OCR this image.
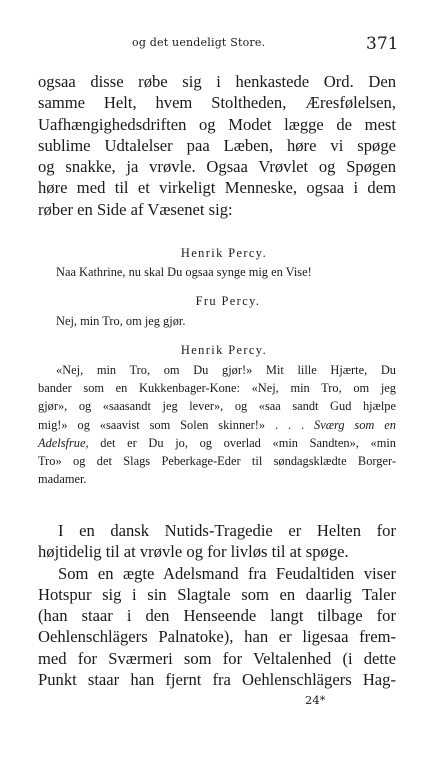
og det uendeligt Store.	371
ogsaa disse røbe sig i henkastede Ord. Den
samme Helt, hvem Stoltheden, Æresfølelsen,
Uafhængighedsdriften og Modet lægge de mest
sublime Udtalelser paa Læben, høre vi spøge
og snakke, ja vrøvle. Ogsaa Vrøvlet og Spøgen
høre med til et virkeligt Menneske, ogsaa i dem
røber en Side af Væsenet sig:
Henrik Percy.
Naa Kathrine, nu skal Du ogsaa synge mig en Vise!
Fru Percy.
Nej, min Tro, om jeg gjør.
Henrik Percy.
«Nej, min Tro, om Du gjør!» Mit lille Hjærte, Du
bander som en Kukkenbager-Kone: «Nej, min Tro, om jeg
gjør», og «saasandt jeg lever», og «saa sandt Gud hjælpe
mig!» og «saavist som Solen skinner!» . . . Sværg som en
Adelsfrue, det er Du jo, og overlad «min Sandten», «min
Tro» og det Slags Peberkage-Eder til søndagsklædte Borger-
madamer.
I en dansk Nutids-Tragedie er Helten for
højtidelig til at vrøvle og for livløs til at spøge.
Som en ægte Adelsmand fra Feudaltiden viser
Hotspur sig i sin Slagtale som en daarlig Taler
(han staar i den Henseende langt tilbage for
Oehlenschlägers Palnatoke), han er ligesaa frem-
med for Sværmeri som for Veltalenhed (i dette
Punkt staar han fjernt fra Oehlenschlägers Hag-
24*
